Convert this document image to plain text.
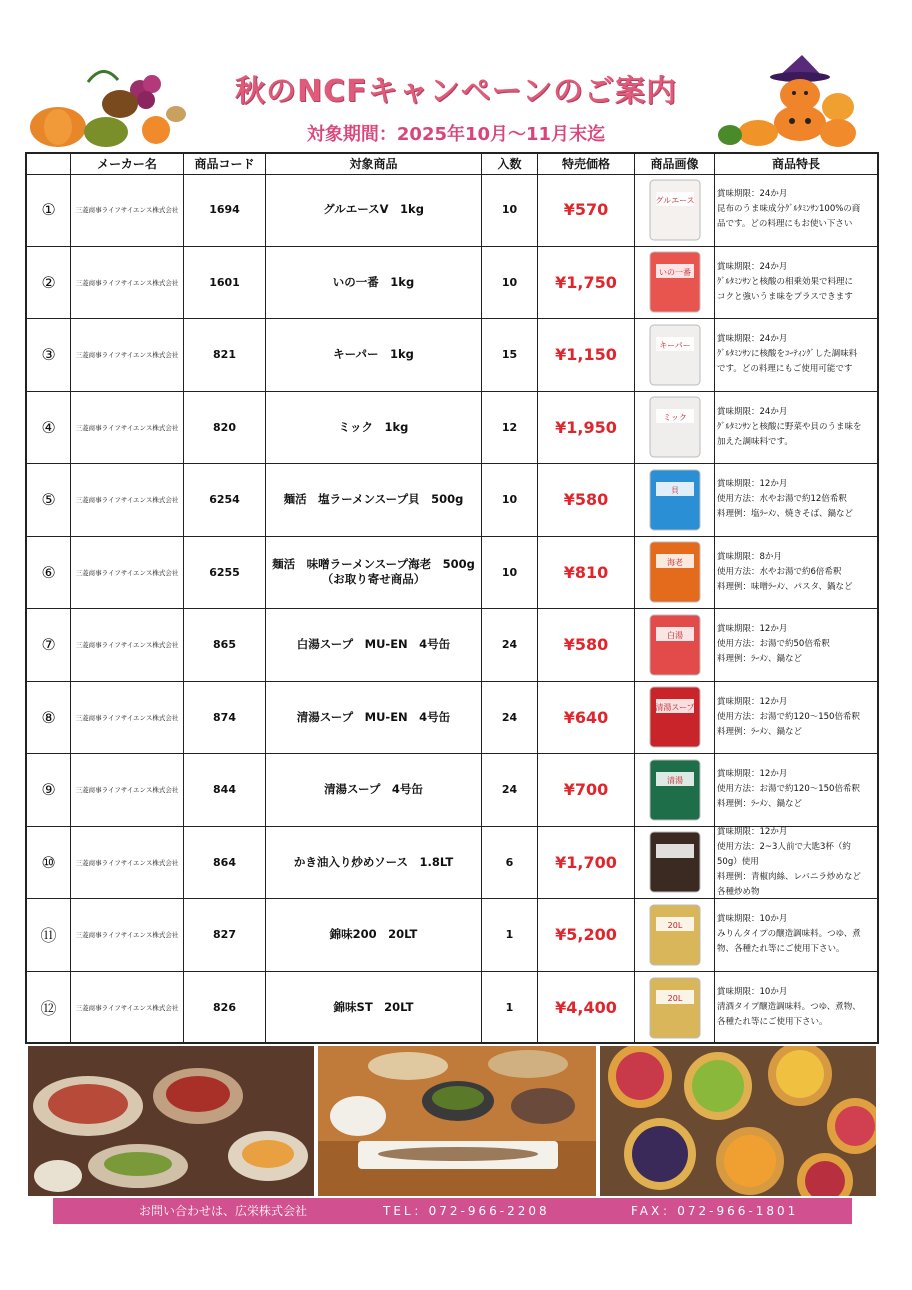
秋のNCFキャンペーンのご案内
対象期間：2025年10月～11月末迄
メーカー名	商品コード	対象商品	入数	特売価格	商品画像	商品特長
①	三菱商事ライフサイエンス株式会社	1694	グルエースV　1kg	10	¥570	グルエース
賞味期限：24か月
昆布のうま味成分ｸﾞﾙﾀﾐﾝｻﾝ100%の商
品です。どの料理にもお使い下さい
②	三菱商事ライフサイエンス株式会社	1601	いの一番　1kg	10	¥1,750	いの一番
賞味期限：24か月
ｸﾞﾙﾀﾐﾝｻﾝと核酸の相乗効果で料理に
コクと強いうま味をプラスできます
③	三菱商事ライフサイエンス株式会社	821	キーパー　1kg	15	¥1,150	キーパー
賞味期限：24か月
ｸﾞﾙﾀﾐﾝｻﾝに核酸をｺｰﾃｨﾝｸﾞした調味料
です。どの料理にもご使用可能です
④	三菱商事ライフサイエンス株式会社	820	ミック　1kg	12	¥1,950	ミック
賞味期限：24か月
ｸﾞﾙﾀﾐﾝｻﾝと核酸に野菜や貝のうま味を
加えた調味料です。
⑤	三菱商事ライフサイエンス株式会社	6254	麺活　塩ラーメンスープ貝　500g	10	¥580	貝
賞味期限：12か月
使用方法：水やお湯で約12倍希釈
料理例：塩ﾗｰﾒﾝ、焼きそば、鍋など
⑥	三菱商事ライフサイエンス株式会社	6255
麺活　味噌ラーメンスープ海老　500g
（お取り寄せ商品）	10	¥810	海老
賞味期限：8か月
使用方法：水やお湯で約6倍希釈
料理例：味噌ﾗｰﾒﾝ、パスタ、鍋など
⑦	三菱商事ライフサイエンス株式会社	865	白湯スープ　MU-EN　4号缶	24	¥580	白湯
賞味期限：12か月
使用方法：お湯で約50倍希釈
料理例：ﾗｰﾒﾝ、鍋など
⑧	三菱商事ライフサイエンス株式会社	874	清湯スープ　MU-EN　4号缶	24	¥640	清湯スープ
賞味期限：12か月
使用方法：お湯で約120～150倍希釈
料理例：ﾗｰﾒﾝ、鍋など
⑨	三菱商事ライフサイエンス株式会社	844	清湯スープ　4号缶	24	¥700	清湯
賞味期限：12か月
使用方法：お湯で約120～150倍希釈
料理例：ﾗｰﾒﾝ、鍋など
⑩	三菱商事ライフサイエンス株式会社	864	かき油入り炒めソース　1.8LT	6	¥1,700
賞味期限：12か月
使用方法：2~3人前で大匙3杯（約
50g）使用
料理例：青椒肉絲、レバニラ炒めなど
各種炒め物
⑪	三菱商事ライフサイエンス株式会社	827	錦味200　20LT	1	¥5,200	20L
賞味期限：10か月
みりんタイプの醸造調味料。つゆ、煮
物、各種たれ等にご使用下さい。
⑫	三菱商事ライフサイエンス株式会社	826	錦味ST　20LT	1	¥4,400	20L
賞味期限：10か月
清酒タイプ醸造調味料。つゆ、煮物、
各種たれ等にご使用下さい。
お問い合わせは、広栄株式会社	TEL：072-966-2208	FAX：072-966-1801
